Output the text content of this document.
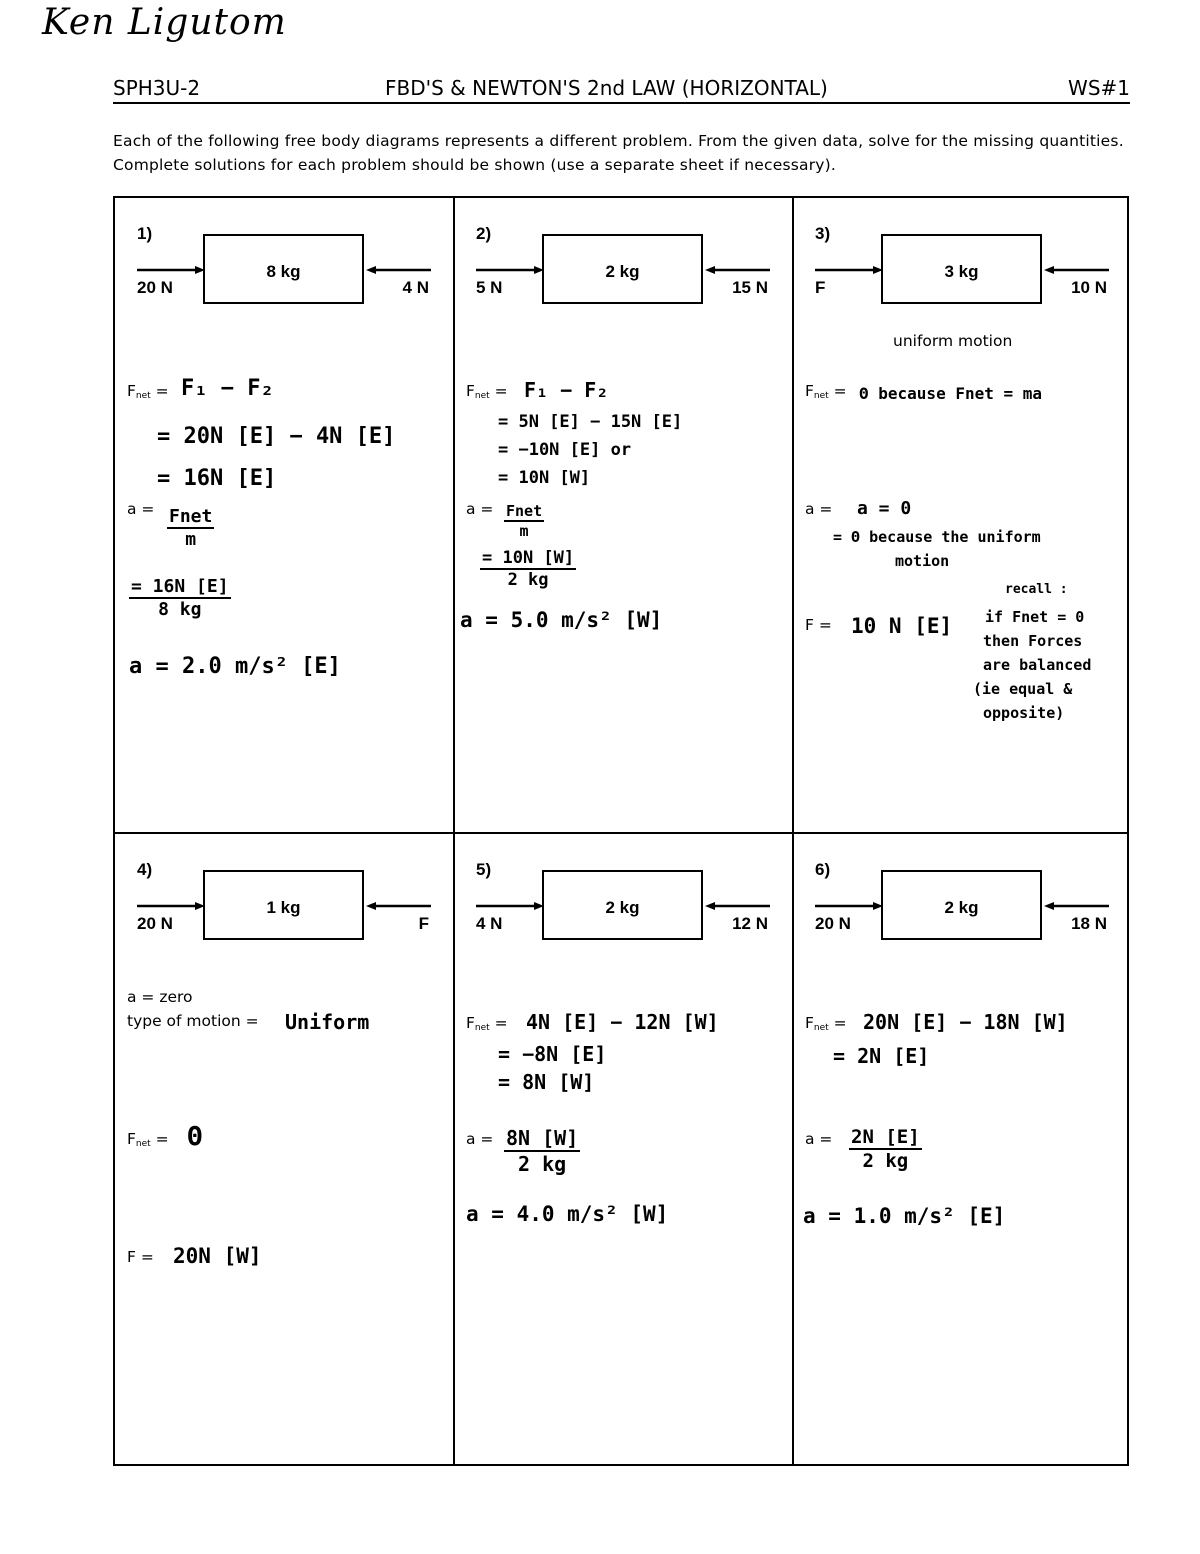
Ken Ligutom
SPH3U-2	FBD'S & NEWTON'S 2nd LAW (HORIZONTAL)	WS#1
Each of the following free body diagrams represents a different problem. From the given data, solve for the missing quantities. Complete solutions for each problem should be shown (use a separate sheet if necessary).
1)
8 kg
20 N	4 N
$F_{net} = F_1 - F_2$
= 20N [E] − 4N [E]
= 16N [E]
a = Fnet
m
$\frac{= 16N [E]}{8 kg}$
a = 2.0 m/s² [E]
2)
2 kg
5 N	15 N
$F_{net} = F_1 - F_2$
= 5N [E] − 15N [E]
= −10N [E] or
= 10N [W]
a = Fnet
m
$\frac{= 10N [W]}{2 kg}$
a = 5.0 m/s² [W]
3)
3 kg
F	10 N
uniform motion
$F_{net} = \Theta$ because Fnet = ma
a = a = 0
= Θ because the uniform
motion
F = 10 N [E]
recall :
if Fnet = 0
then Forces
are balanced
(ie equal &
opposite)
4)
1 kg
20 N	F
a = zero
type of motion = Uniform
$F_{net} = \Theta$
F = 20N [W]
5)
2 kg
4 N	12 N
$F_{net} = 4N$ [E] − 12N [W]
= −8N [E]
= 8N [W]
$a = \frac{8N [W]}{2 kg}$
a = 4.0 m/s² [W]
6)
2 kg
20 N	18 N
$F_{net} = 20N$ [E] − 18N [W]
= 2N [E]
$a = \frac{2N [E]}{2 kg}$
a = 1.0 m/s² [E]
